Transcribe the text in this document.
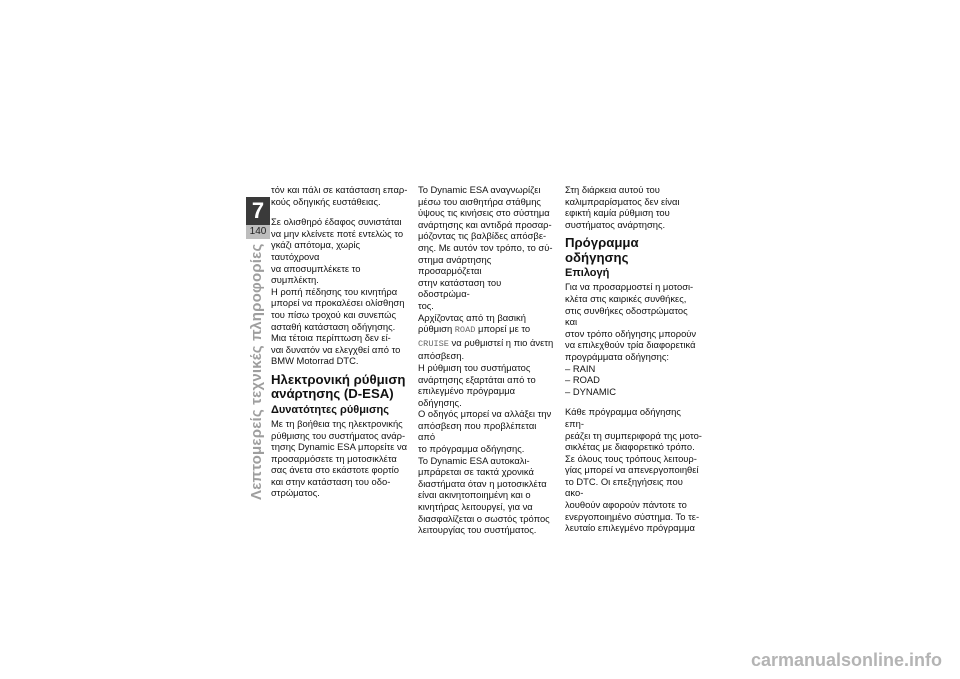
7
140
Λεπτομερείς τεχνικές πληροφορίες

τόν και πάλι σε κατάσταση επαρ-
κούς οδηγικής ευστάθειας.

Σε ολισθηρό έδαφος συνιστάται
να μην κλείνετε ποτέ εντελώς το
γκάζι απότομα, χωρίς ταυτόχρονα
να αποσυμπλέκετε το συμπλέκτη.
Η ροπή πέδησης του κινητήρα
μπορεί να προκαλέσει ολίσθηση
του πίσω τροχού και συνεπώς
ασταθή κατάσταση οδήγησης.
Μια τέτοια περίπτωση δεν εί-
ναι δυνατόν να ελεγχθεί από το
BMW Motorrad DTC.

Ηλεκτρονική ρύθμιση
ανάρτησης (D-ESA)
Δυνατότητες ρύθμισης

Με τη βοήθεια της ηλεκτρονικής
ρύθμισης του συστήματος ανάρ-
τησης Dynamic ESA μπορείτε να
προσαρμόσετε τη μοτοσικλέτα
σας άνετα στο εκάστοτε φορτίο
και στην κατάσταση του οδο-
στρώματος.

Το Dynamic ESA αναγνωρίζει
μέσω του αισθητήρα στάθμης
ύψους τις κινήσεις στο σύστημα
ανάρτησης και αντιδρά προσαρ-
μόζοντας τις βαλβίδες απόσβε-
σης. Με αυτόν τον τρόπο, το σύ-
στημα ανάρτησης προσαρμόζεται
στην κατάσταση του οδοστρώμα-
τος.

Αρχίζοντας από τη βασική
ρύθμιση ROAD μπορεί με το
CRUISE να ρυθμιστεί η πιο άνετη
απόσβεση.

Η ρύθμιση του συστήματος
ανάρτησης εξαρτάται από το
επιλεγμένο πρόγραμμα οδήγησης.
Ο οδηγός μπορεί να αλλάξει την
απόσβεση που προβλέπεται από
το πρόγραμμα οδήγησης.
Το Dynamic ESA αυτοκαλι-
μπράρεται σε τακτά χρονικά
διαστήματα όταν η μοτοσικλέτα
είναι ακινητοποιημένη και ο
κινητήρας λειτουργεί, για να
διασφαλίζεται ο σωστός τρόπος
λειτουργίας του συστήματος.

Στη διάρκεια αυτού του
καλιμπραρίσματος δεν είναι
εφικτή καμία ρύθμιση του
συστήματος ανάρτησης.

Πρόγραμμα οδήγησης
Επιλογή

Για να προσαρμοστεί η μοτοσι-
κλέτα στις καιρικές συνθήκες,
στις συνθήκες οδοστρώματος και
στον τρόπο οδήγησης μπορούν
να επιλεχθούν τρία διαφορετικά
προγράμματα οδήγησης:
– RAIN
– ROAD
– DYNAMIC

Κάθε πρόγραμμα οδήγησης επη-
ρεάζει τη συμπεριφορά της μοτο-
σικλέτας με διαφορετικό τρόπο.
Σε όλους τους τρόπους λειτουρ-
γίας μπορεί να απενεργοποιηθεί
το DTC. Οι επεξηγήσεις που ακο-
λουθούν αφορούν πάντοτε το
ενεργοποιημένο σύστημα. Το τε-
λευταίο επιλεγμένο πρόγραμμα

carmanualsonline.info
